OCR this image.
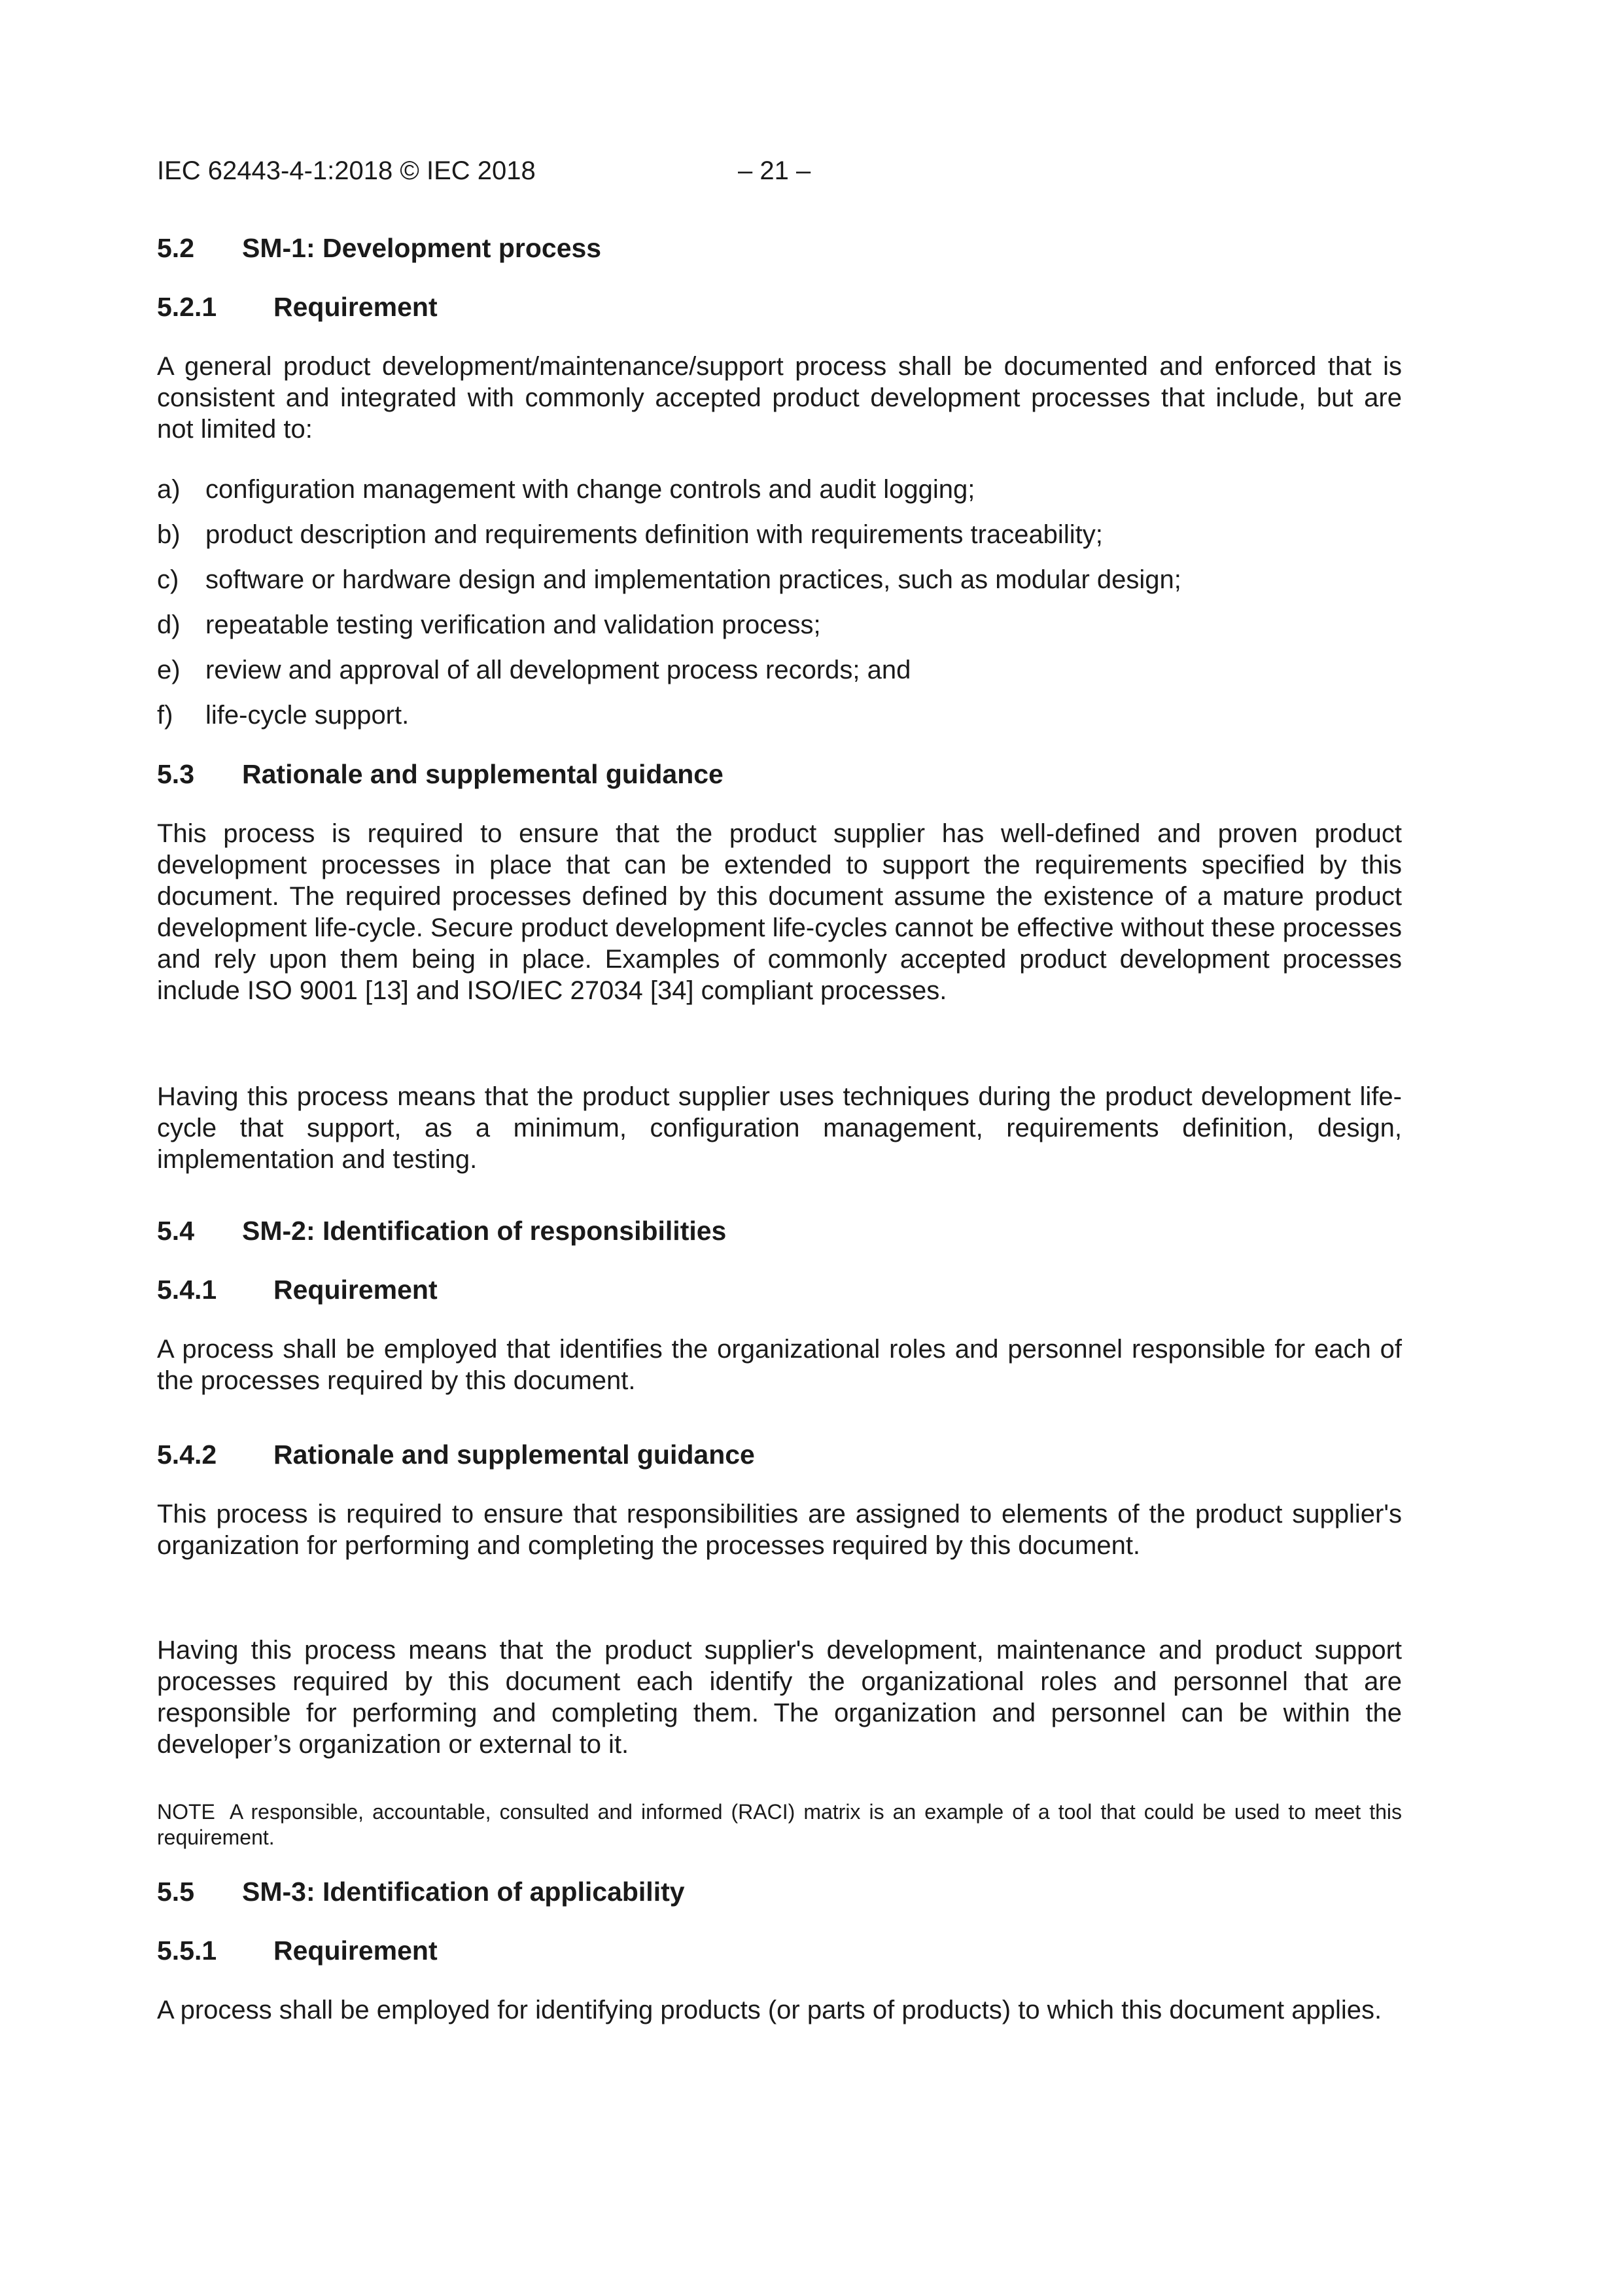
IEC 62443-4-1:2018 © IEC 2018	– 21 –
5.2 SM-1: Development process
5.2.1 Requirement
A general product development/maintenance/support process shall be documented and enforced that is consistent and integrated with commonly accepted product development processes that include, but are not limited to:
a) configuration management with change controls and audit logging;
b) product description and requirements definition with requirements traceability;
c) software or hardware design and implementation practices, such as modular design;
d) repeatable testing verification and validation process;
e) review and approval of all development process records; and
f) life-cycle support.
5.3 Rationale and supplemental guidance
This process is required to ensure that the product supplier has well-defined and proven product development processes in place that can be extended to support the requirements specified by this document. The required processes defined by this document assume the existence of a mature product development life-cycle. Secure product development life-cycles cannot be effective without these processes and rely upon them being in place. Examples of commonly accepted product development processes include ISO 9001 [13] and ISO/IEC 27034 [34] compliant processes.
Having this process means that the product supplier uses techniques during the product development life-cycle that support, as a minimum, configuration management, requirements definition, design, implementation and testing.
5.4 SM-2: Identification of responsibilities
5.4.1 Requirement
A process shall be employed that identifies the organizational roles and personnel responsible for each of the processes required by this document.
5.4.2 Rationale and supplemental guidance
This process is required to ensure that responsibilities are assigned to elements of the product supplier's organization for performing and completing the processes required by this document.
Having this process means that the product supplier's development, maintenance and product support processes required by this document each identify the organizational roles and personnel that are responsible for performing and completing them. The organization and personnel can be within the developer’s organization or external to it.
NOTE A responsible, accountable, consulted and informed (RACI) matrix is an example of a tool that could be used to meet this requirement.
5.5 SM-3: Identification of applicability
5.5.1 Requirement
A process shall be employed for identifying products (or parts of products) to which this document applies.
